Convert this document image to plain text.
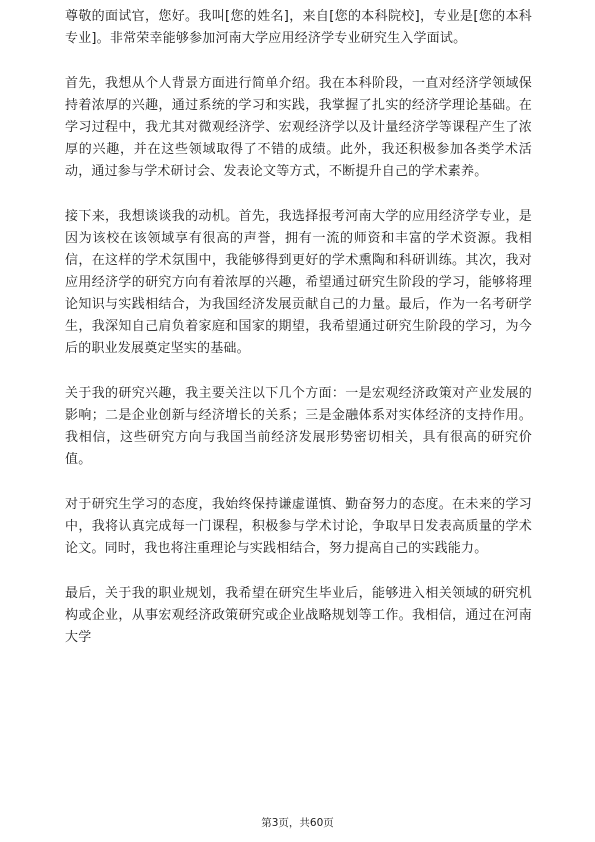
尊敬的面试官，您好。我叫[您的姓名]，来自[您的本科院校]，专业是[您的本科专业]。非常荣幸能够参加河南大学应用经济学专业研究生入学面试。

首先，我想从个人背景方面进行简单介绍。我在本科阶段，一直对经济学领域保持着浓厚的兴趣，通过系统的学习和实践，我掌握了扎实的经济学理论基础。在学习过程中，我尤其对微观经济学、宏观经济学以及计量经济学等课程产生了浓厚的兴趣，并在这些领域取得了不错的成绩。此外，我还积极参加各类学术活动，通过参与学术研讨会、发表论文等方式，不断提升自己的学术素养。

接下来，我想谈谈我的动机。首先，我选择报考河南大学的应用经济学专业，是因为该校在该领域享有很高的声誉，拥有一流的师资和丰富的学术资源。我相信，在这样的学术氛围中，我能够得到更好的学术熏陶和科研训练。其次，我对应用经济学的研究方向有着浓厚的兴趣，希望通过研究生阶段的学习，能够将理论知识与实践相结合，为我国经济发展贡献自己的力量。最后，作为一名考研学生，我深知自己肩负着家庭和国家的期望，我希望通过研究生阶段的学习，为今后的职业发展奠定坚实的基础。

关于我的研究兴趣，我主要关注以下几个方面：一是宏观经济政策对产业发展的影响；二是企业创新与经济增长的关系；三是金融体系对实体经济的支持作用。我相信，这些研究方向与我国当前经济发展形势密切相关，具有很高的研究价值。

对于研究生学习的态度，我始终保持谦虚谨慎、勤奋努力的态度。在未来的学习中，我将认真完成每一门课程，积极参与学术讨论，争取早日发表高质量的学术论文。同时，我也将注重理论与实践相结合，努力提高自己的实践能力。

最后，关于我的职业规划，我希望在研究生毕业后，能够进入相关领域的研究机构或企业，从事宏观经济政策研究或企业战略规划等工作。我相信，通过在河南大学

第3页，共60页
